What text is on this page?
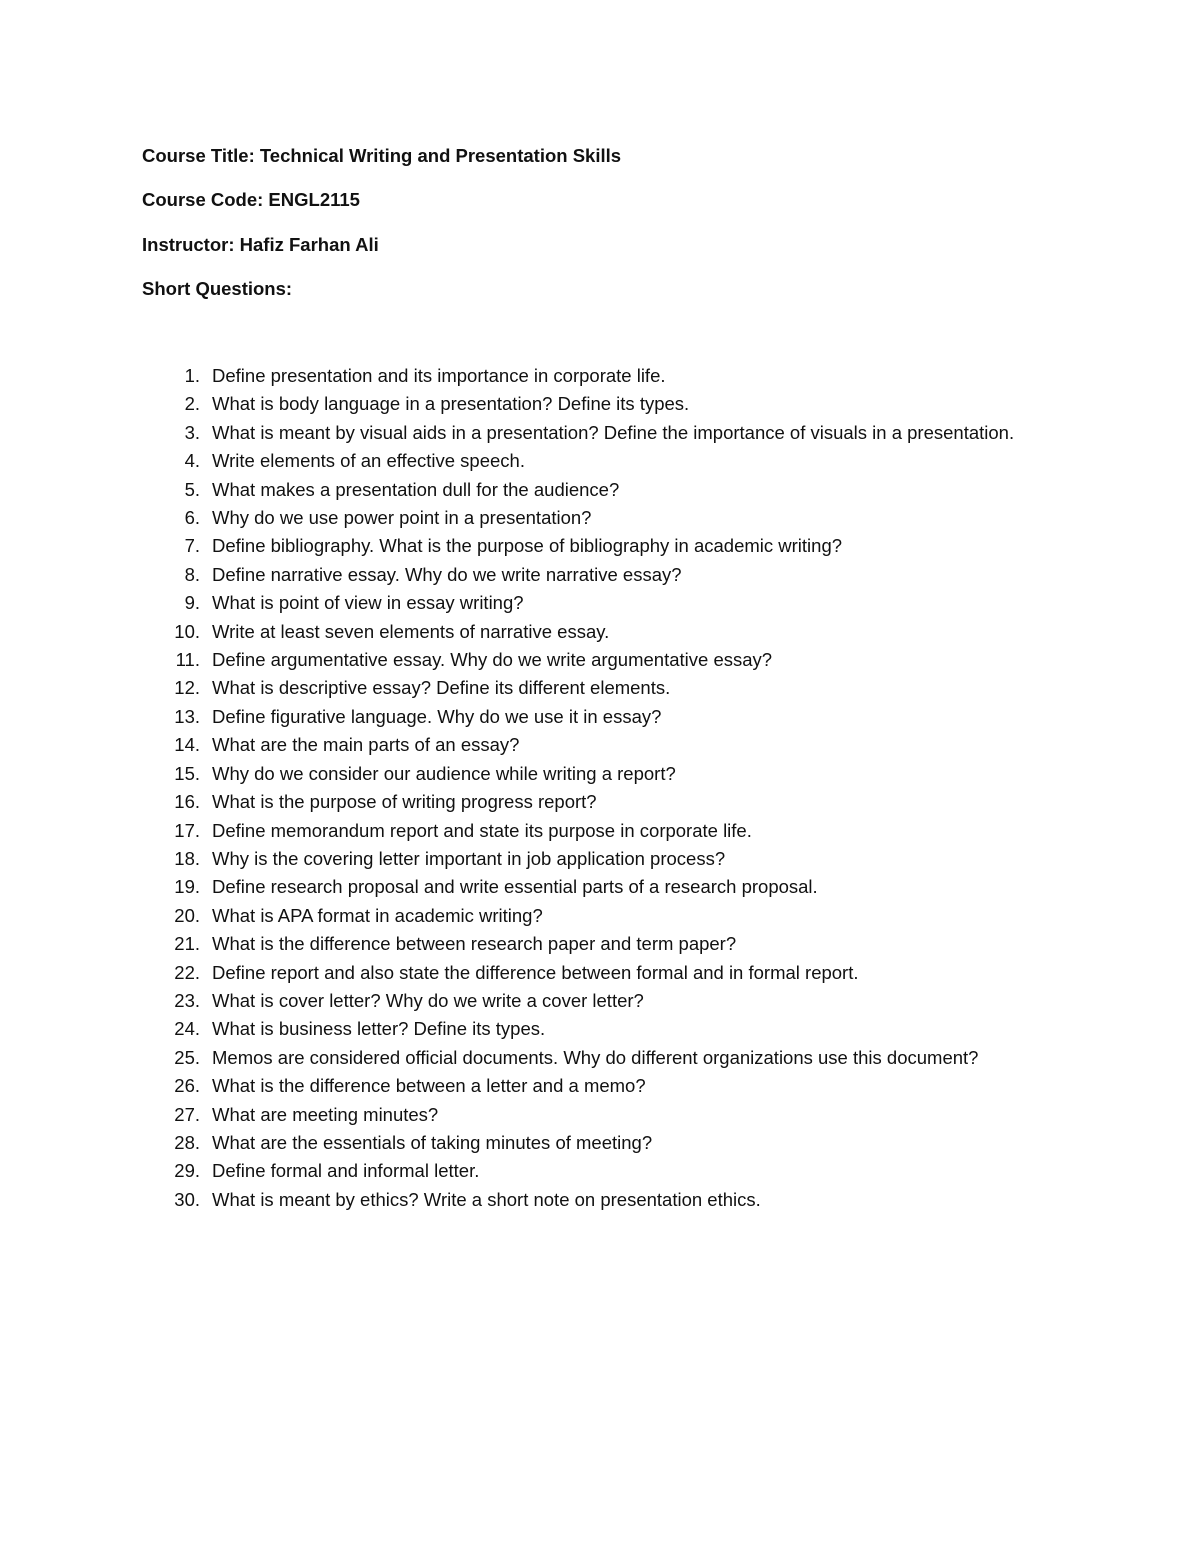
Course Title: Technical Writing and Presentation Skills
Course Code: ENGL2115
Instructor: Hafiz Farhan Ali
Short Questions:
1. Define presentation and its importance in corporate life.
2. What is body language in a presentation? Define its types.
3. What is meant by visual aids in a presentation? Define the importance of visuals in a presentation.
4. Write elements of an effective speech.
5. What makes a presentation dull for the audience?
6. Why do we use power point in a presentation?
7. Define bibliography. What is the purpose of bibliography in academic writing?
8. Define narrative essay. Why do we write narrative essay?
9. What is point of view in essay writing?
10. Write at least seven elements of narrative essay.
11. Define argumentative essay. Why do we write argumentative essay?
12. What is descriptive essay? Define its different elements.
13. Define figurative language. Why do we use it in essay?
14. What are the main parts of an essay?
15. Why do we consider our audience while writing a report?
16. What is the purpose of writing progress report?
17. Define memorandum report and state its purpose in corporate life.
18. Why is the covering letter important in job application process?
19. Define research proposal and write essential parts of a research proposal.
20. What is APA format in academic writing?
21. What is the difference between research paper and term paper?
22. Define report and also state the difference between formal and in formal report.
23. What is cover letter? Why do we write a cover letter?
24. What is business letter? Define its types.
25. Memos are considered official documents. Why do different organizations use this document?
26. What is the difference between a letter and a memo?
27. What are meeting minutes?
28. What are the essentials of taking minutes of meeting?
29. Define formal and informal letter.
30. What is meant by ethics? Write a short note on presentation ethics.
